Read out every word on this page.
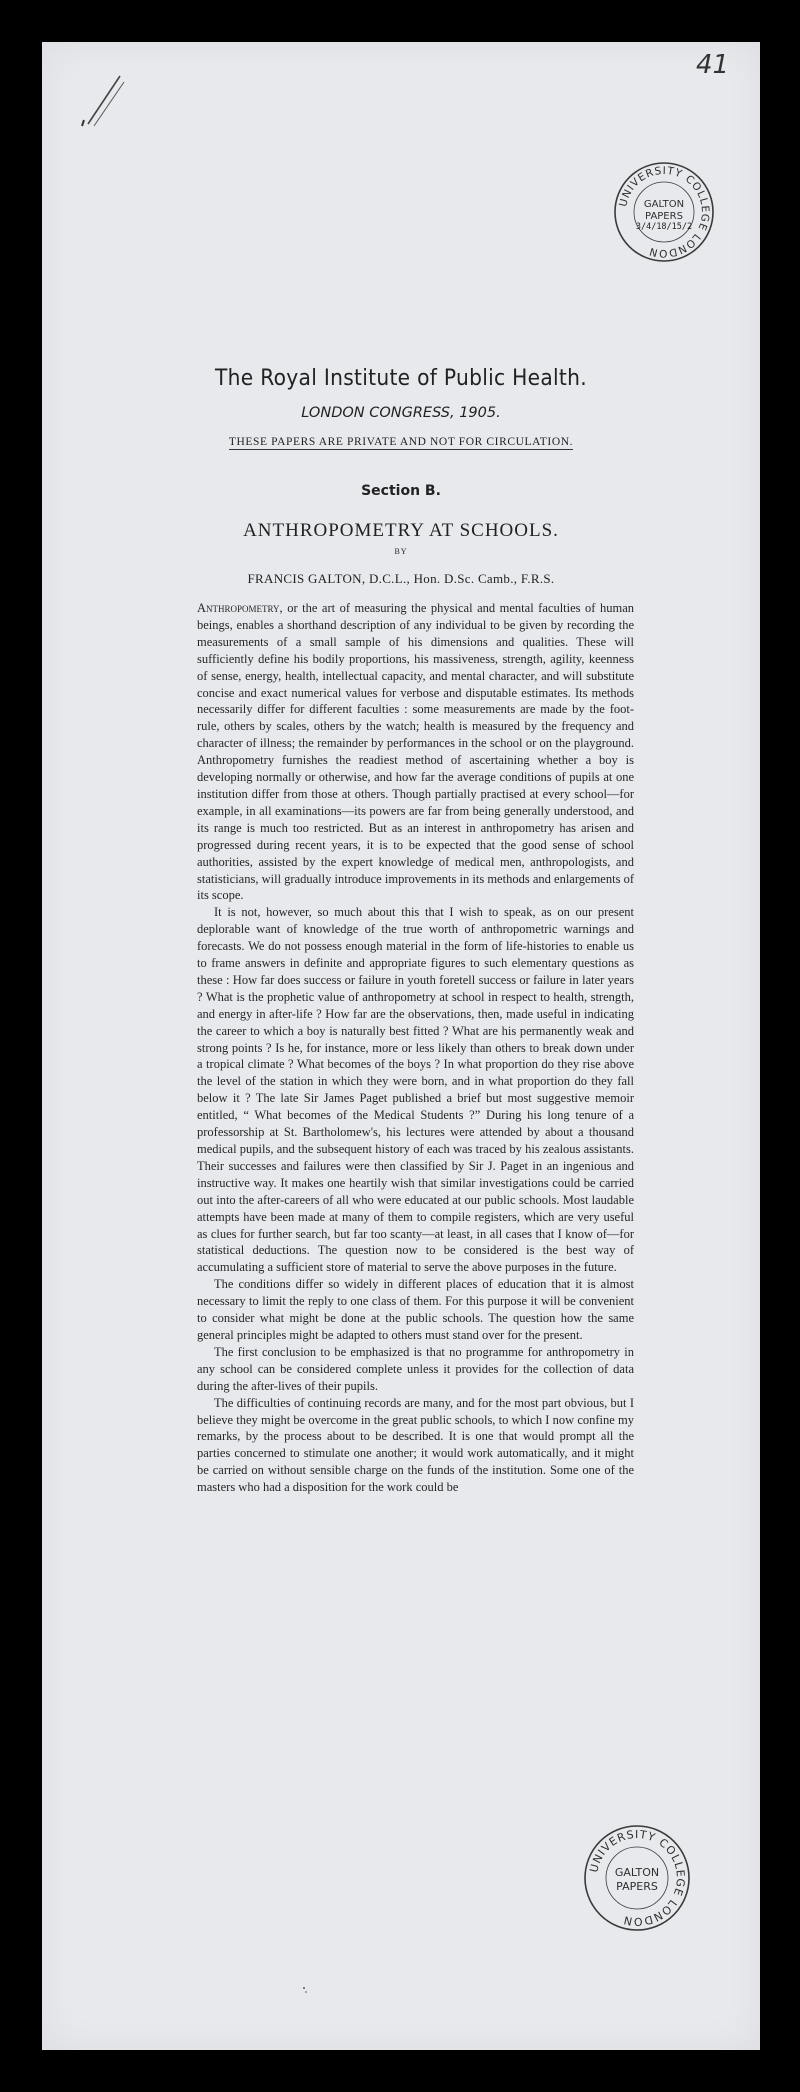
41
UNIVERSITY COLLEGE LONDON
GALTON
PAPERS
3/4/18/15/2
The Royal Institute of Public Health.
LONDON CONGRESS, 1905.
THESE PAPERS ARE PRIVATE AND NOT FOR CIRCULATION.
Section B.
ANTHROPOMETRY AT SCHOOLS.
BY
FRANCIS GALTON, D.C.L., Hon. D.Sc. Camb., F.R.S.

Anthropometry, or the art of measuring the physical and mental faculties of human beings, enables a shorthand description of any individual to be given by recording the measurements of a small sample of his dimensions and qualities. These will sufficiently define his bodily proportions, his massiveness, strength, agility, keenness of sense, energy, health, intellectual capacity, and mental character, and will substitute concise and exact numerical values for verbose and disputable estimates. Its methods necessarily differ for different faculties : some measurements are made by the foot-rule, others by scales, others by the watch; health is measured by the frequency and character of illness; the remainder by performances in the school or on the playground. Anthropometry furnishes the readiest method of ascertaining whether a boy is developing normally or otherwise, and how far the average conditions of pupils at one institution differ from those at others. Though partially practised at every school—for example, in all examinations—its powers are far from being generally understood, and its range is much too restricted. But as an interest in anthropometry has arisen and progressed during recent years, it is to be expected that the good sense of school authorities, assisted by the expert knowledge of medical men, anthropologists, and statisticians, will gradually introduce improvements in its methods and enlargements of its scope.

It is not, however, so much about this that I wish to speak, as on our present deplorable want of knowledge of the true worth of anthropometric warnings and forecasts. We do not possess enough material in the form of life-histories to enable us to frame answers in definite and appropriate figures to such elementary questions as these : How far does success or failure in youth foretell success or failure in later years ? What is the prophetic value of anthropometry at school in respect to health, strength, and energy in after-life ? How far are the observations, then, made useful in indicating the career to which a boy is naturally best fitted ? What are his permanently weak and strong points ? Is he, for instance, more or less likely than others to break down under a tropical climate ? What becomes of the boys ? In what proportion do they rise above the level of the station in which they were born, and in what proportion do they fall below it ? The late Sir James Paget published a brief but most suggestive memoir entitled, “ What becomes of the Medical Students ?” During his long tenure of a professorship at St. Bartholomew's, his lectures were attended by about a thousand medical pupils, and the subsequent history of each was traced by his zealous assistants. Their successes and failures were then classified by Sir J. Paget in an ingenious and instructive way. It makes one heartily wish that similar investigations could be carried out into the after-careers of all who were educated at our public schools. Most laudable attempts have been made at many of them to compile registers, which are very useful as clues for further search, but far too scanty—at least, in all cases that I know of—for statistical deductions. The question now to be considered is the best way of accumulating a sufficient store of material to serve the above purposes in the future.

The conditions differ so widely in different places of education that it is almost necessary to limit the reply to one class of them. For this purpose it will be convenient to consider what might be done at the public schools. The question how the same general principles might be adapted to others must stand over for the present.

The first conclusion to be emphasized is that no programme for anthropometry in any school can be considered complete unless it provides for the collection of data during the after-lives of their pupils.

The difficulties of continuing records are many, and for the most part obvious, but I believe they might be overcome in the great public schools, to which I now confine my remarks, by the process about to be described. It is one that would prompt all the parties concerned to stimulate one another; it would work automatically, and it might be carried on without sensible charge on the funds of the institution. Some one of the masters who had a disposition for the work could be

UNIVERSITY COLLEGE LONDON
GALTON
PAPERS
